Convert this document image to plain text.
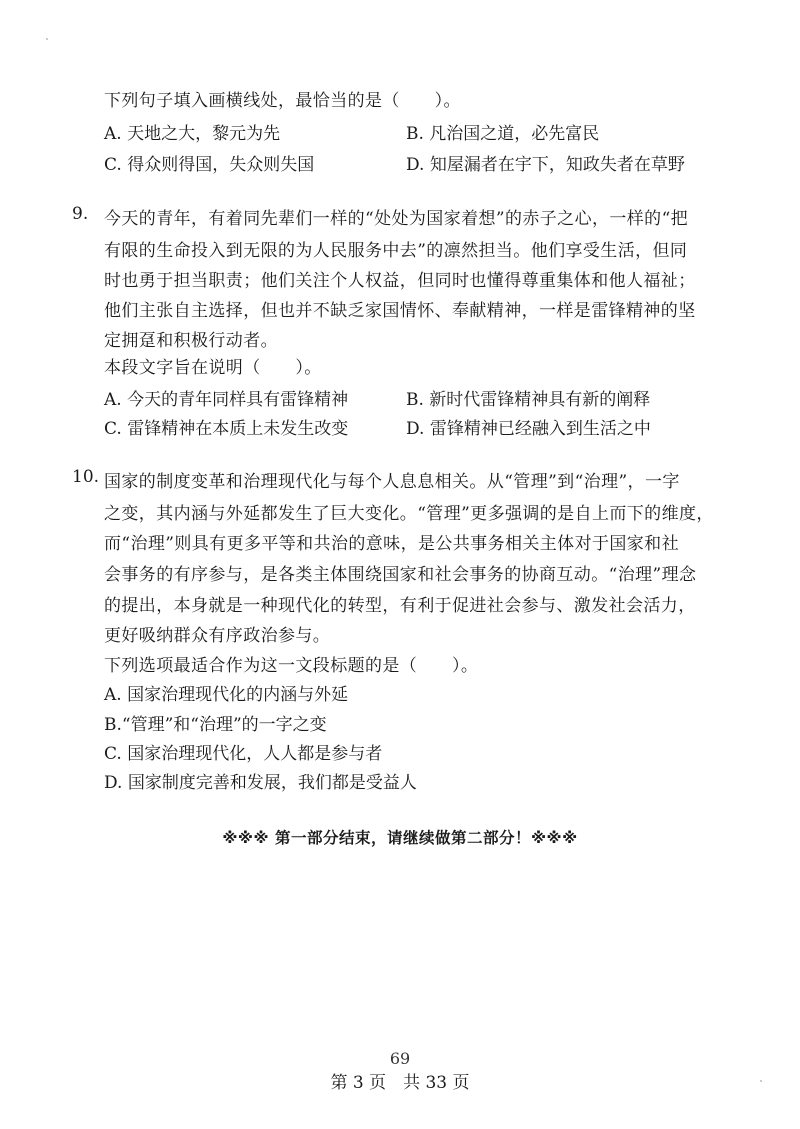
下列句子填入画横线处，最恰当的是（　　）。
A. 天地之大，黎元为先	B. 凡治国之道，必先富民
C. 得众则得国，失众则失国	D. 知屋漏者在宇下，知政失者在草野
9. 今天的青年，有着同先辈们一样的“处处为国家着想”的赤子之心，一样的“把
有限的生命投入到无限的为人民服务中去”的凛然担当。他们享受生活，但同
时也勇于担当职责；他们关注个人权益，但同时也懂得尊重集体和他人福祉；
他们主张自主选择，但也并不缺乏家国情怀、奉献精神，一样是雷锋精神的坚
定拥趸和积极行动者。
本段文字旨在说明（　　）。
A. 今天的青年同样具有雷锋精神	B. 新时代雷锋精神具有新的阐释
C. 雷锋精神在本质上未发生改变	D. 雷锋精神已经融入到生活之中
10. 国家的制度变革和治理现代化与每个人息息相关。从“管理”到“治理”，一字
之变，其内涵与外延都发生了巨大变化。“管理”更多强调的是自上而下的维度，
而“治理”则具有更多平等和共治的意味，是公共事务相关主体对于国家和社
会事务的有序参与，是各类主体围绕国家和社会事务的协商互动。“治理”理念
的提出，本身就是一种现代化的转型，有利于促进社会参与、激发社会活力，
更好吸纳群众有序政治参与。
下列选项最适合作为这一文段标题的是（　　）。
A. 国家治理现代化的内涵与外延
B.“管理”和“治理”的一字之变
C. 国家治理现代化，人人都是参与者
D. 国家制度完善和发展，我们都是受益人
※※※ 第一部分结束，请继续做第二部分！※※※
69
第 3 页　共 33 页
